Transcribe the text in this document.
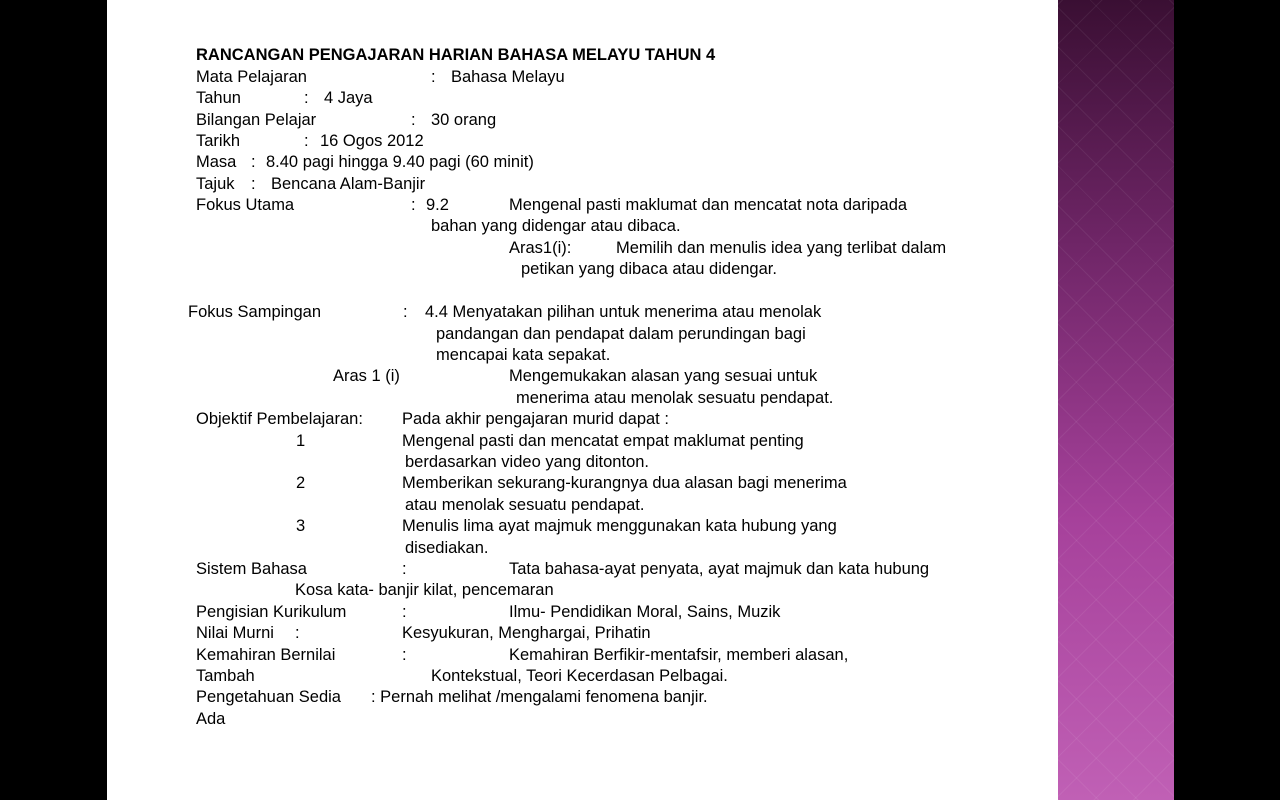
RANCANGAN PENGAJARAN HARIAN BAHASA MELAYU TAHUN 4
Mata Pelajaran	: Bahasa Melayu
Tahun	: 4 Jaya
Bilangan Pelajar	: 30 orang
Tarikh	: 16 Ogos 2012
Masa : 8.40 pagi hingga 9.40 pagi (60 minit)
Tajuk : Bencana Alam-Banjir
Fokus Utama	: 9.2	Mengenal pasti maklumat dan mencatat nota daripada
bahan yang didengar atau dibaca.
Aras1(i):	Memilih dan menulis idea yang terlibat dalam
petikan yang dibaca atau didengar.
Fokus Sampingan	: 4.4 Menyatakan pilihan untuk menerima atau menolak
pandangan dan pendapat dalam perundingan bagi
mencapai kata sepakat.
Aras 1 (i)	Mengemukakan alasan yang sesuai untuk
menerima atau menolak sesuatu pendapat.
Objektif Pembelajaran: Pada akhir pengajaran murid dapat :
1	Mengenal pasti dan mencatat empat maklumat penting
berdasarkan video yang ditonton.
2	Memberikan sekurang-kurangnya dua alasan bagi menerima
atau menolak sesuatu pendapat.
3	Menulis lima ayat majmuk menggunakan kata hubung yang
disediakan.
Sistem Bahasa	:	Tata bahasa-ayat penyata, ayat majmuk dan kata hubung
Kosa kata- banjir kilat, pencemaran
Pengisian Kurikulum	:	Ilmu- Pendidikan Moral, Sains, Muzik
Nilai Murni :	Kesyukuran, Menghargai, Prihatin
Kemahiran Bernilai	:	Kemahiran Berfikir-mentafsir, memberi alasan,
Tambah	Kontekstual, Teori Kecerdasan Pelbagai.
Pengetahuan Sedia : Pernah melihat /mengalami fenomena banjir.
Ada
